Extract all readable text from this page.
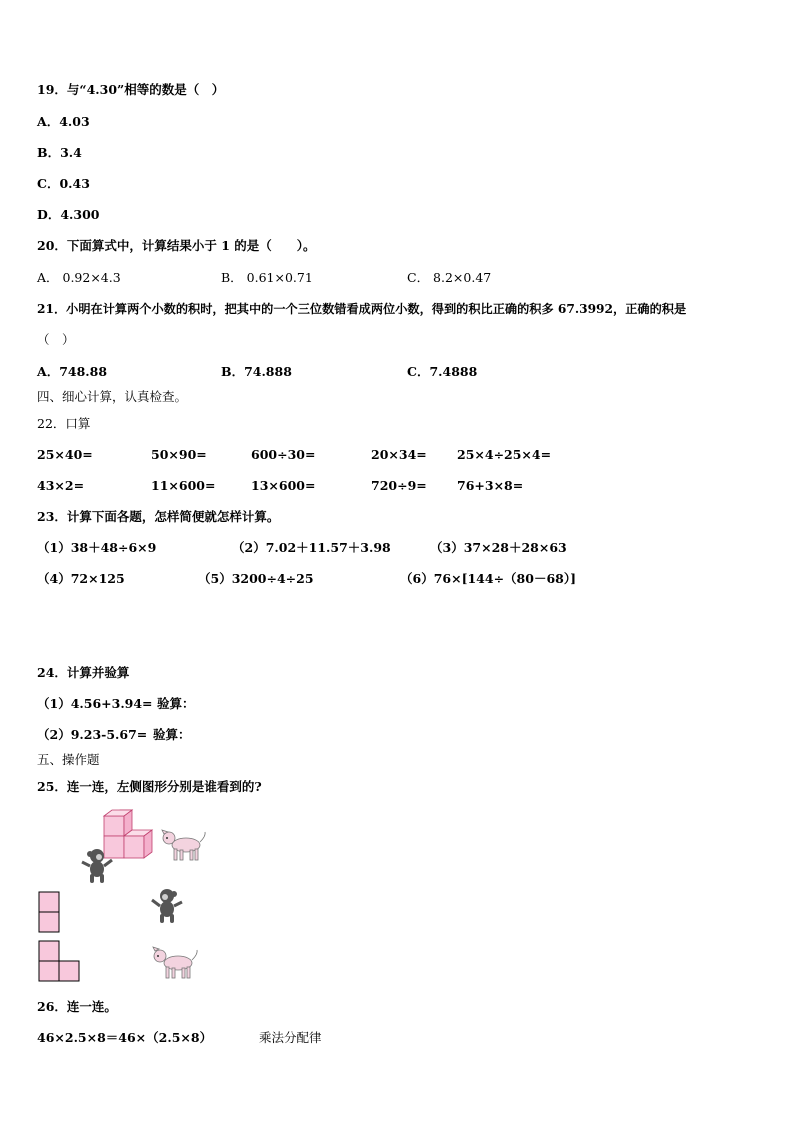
19．与“4.30”相等的数是（　）
A．4.03
B．3.4
C．0.43
D．4.300
20．下面算式中，计算结果小于 1 的是（　　）。
A． 0.92×4.3	B． 0.61×0.71	C． 8.2×0.47
21．小明在计算两个小数的积时，把其中的一个三位数错看成两位小数，得到的积比正确的积多 67.3992，正确的积是
（　）
A．748.88	B．74.888	C．7.4888
四、细心计算，认真检查。
22．口算
25×40=	50×90=	600÷30=	20×34= 25×4÷25×4=
43×2=	11×600=	13×600=	720÷9= 76+3×8=
23．计算下面各题，怎样简便就怎样计算。
（1）38＋48÷6×9	（2）7.02＋11.57＋3.98	（3）37×28＋28×63
（4）72×125	（5）3200÷4÷25	（6）76×[144÷（80－68）]
24．计算并验算
（1）4.56+3.94= 验算：
（2）9.23-5.67= 验算：
五、操作题
25．连一连，左侧图形分别是谁看到的?
26．连一连。
46×2.5×8＝46×（2.5×8）	乘法分配律
